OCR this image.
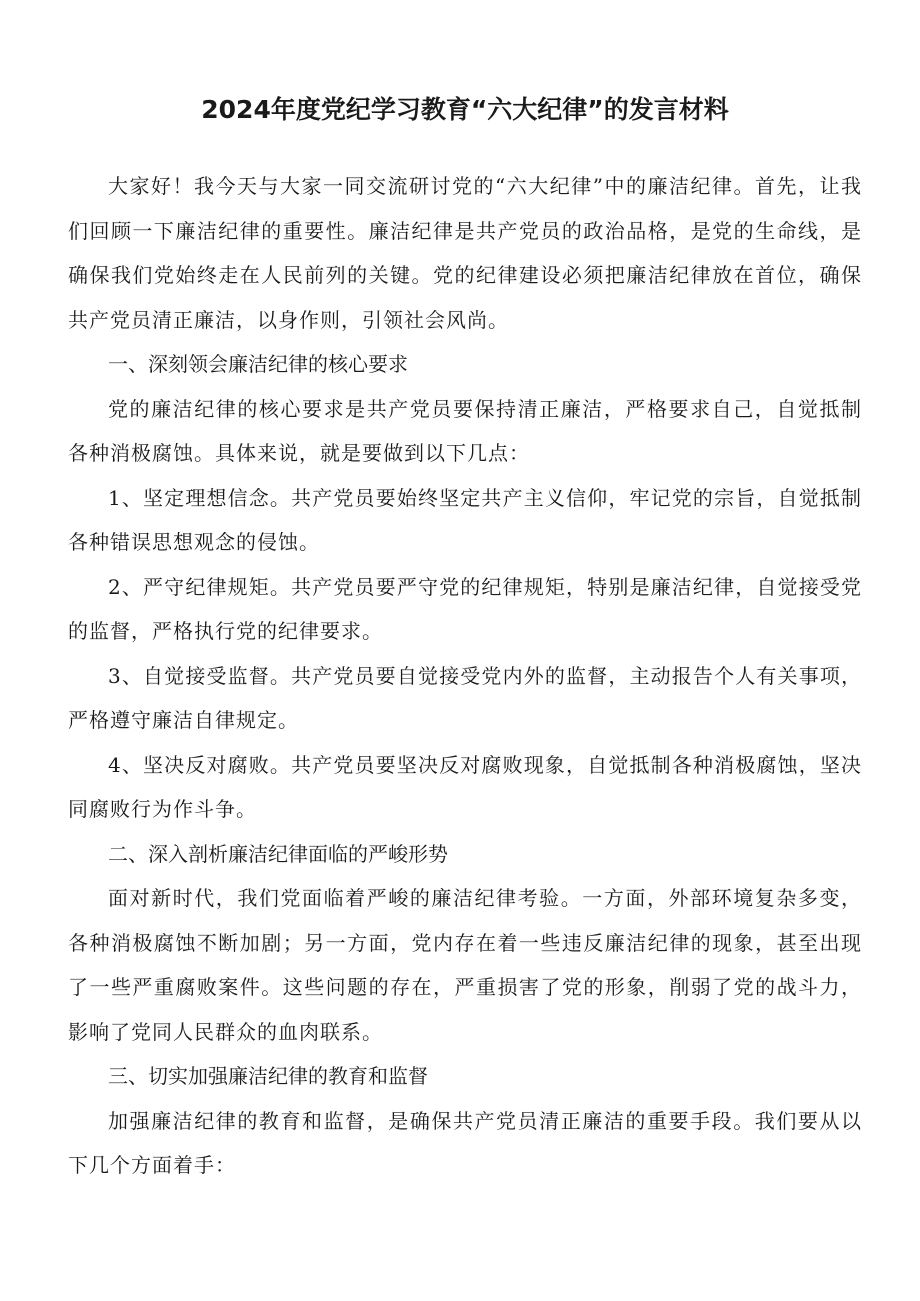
2024年度党纪学习教育“六大纪律”的发言材料

大家好！我今天与大家一同交流研讨党的“六大纪律”中的廉洁纪律。首先，让我们回顾一下廉洁纪律的重要性。廉洁纪律是共产党员的政治品格，是党的生命线，是确保我们党始终走在人民前列的关键。党的纪律建设必须把廉洁纪律放在首位，确保共产党员清正廉洁，以身作则，引领社会风尚。

一、深刻领会廉洁纪律的核心要求

党的廉洁纪律的核心要求是共产党员要保持清正廉洁，严格要求自己，自觉抵制各种消极腐蚀。具体来说，就是要做到以下几点：

1、坚定理想信念。共产党员要始终坚定共产主义信仰，牢记党的宗旨，自觉抵制各种错误思想观念的侵蚀。

2、严守纪律规矩。共产党员要严守党的纪律规矩，特别是廉洁纪律，自觉接受党的监督，严格执行党的纪律要求。

3、自觉接受监督。共产党员要自觉接受党内外的监督，主动报告个人有关事项，严格遵守廉洁自律规定。

4、坚决反对腐败。共产党员要坚决反对腐败现象，自觉抵制各种消极腐蚀，坚决同腐败行为作斗争。

二、深入剖析廉洁纪律面临的严峻形势

面对新时代，我们党面临着严峻的廉洁纪律考验。一方面，外部环境复杂多变，各种消极腐蚀不断加剧；另一方面，党内存在着一些违反廉洁纪律的现象，甚至出现了一些严重腐败案件。这些问题的存在，严重损害了党的形象，削弱了党的战斗力，影响了党同人民群众的血肉联系。

三、切实加强廉洁纪律的教育和监督

加强廉洁纪律的教育和监督，是确保共产党员清正廉洁的重要手段。我们要从以下几个方面着手：
